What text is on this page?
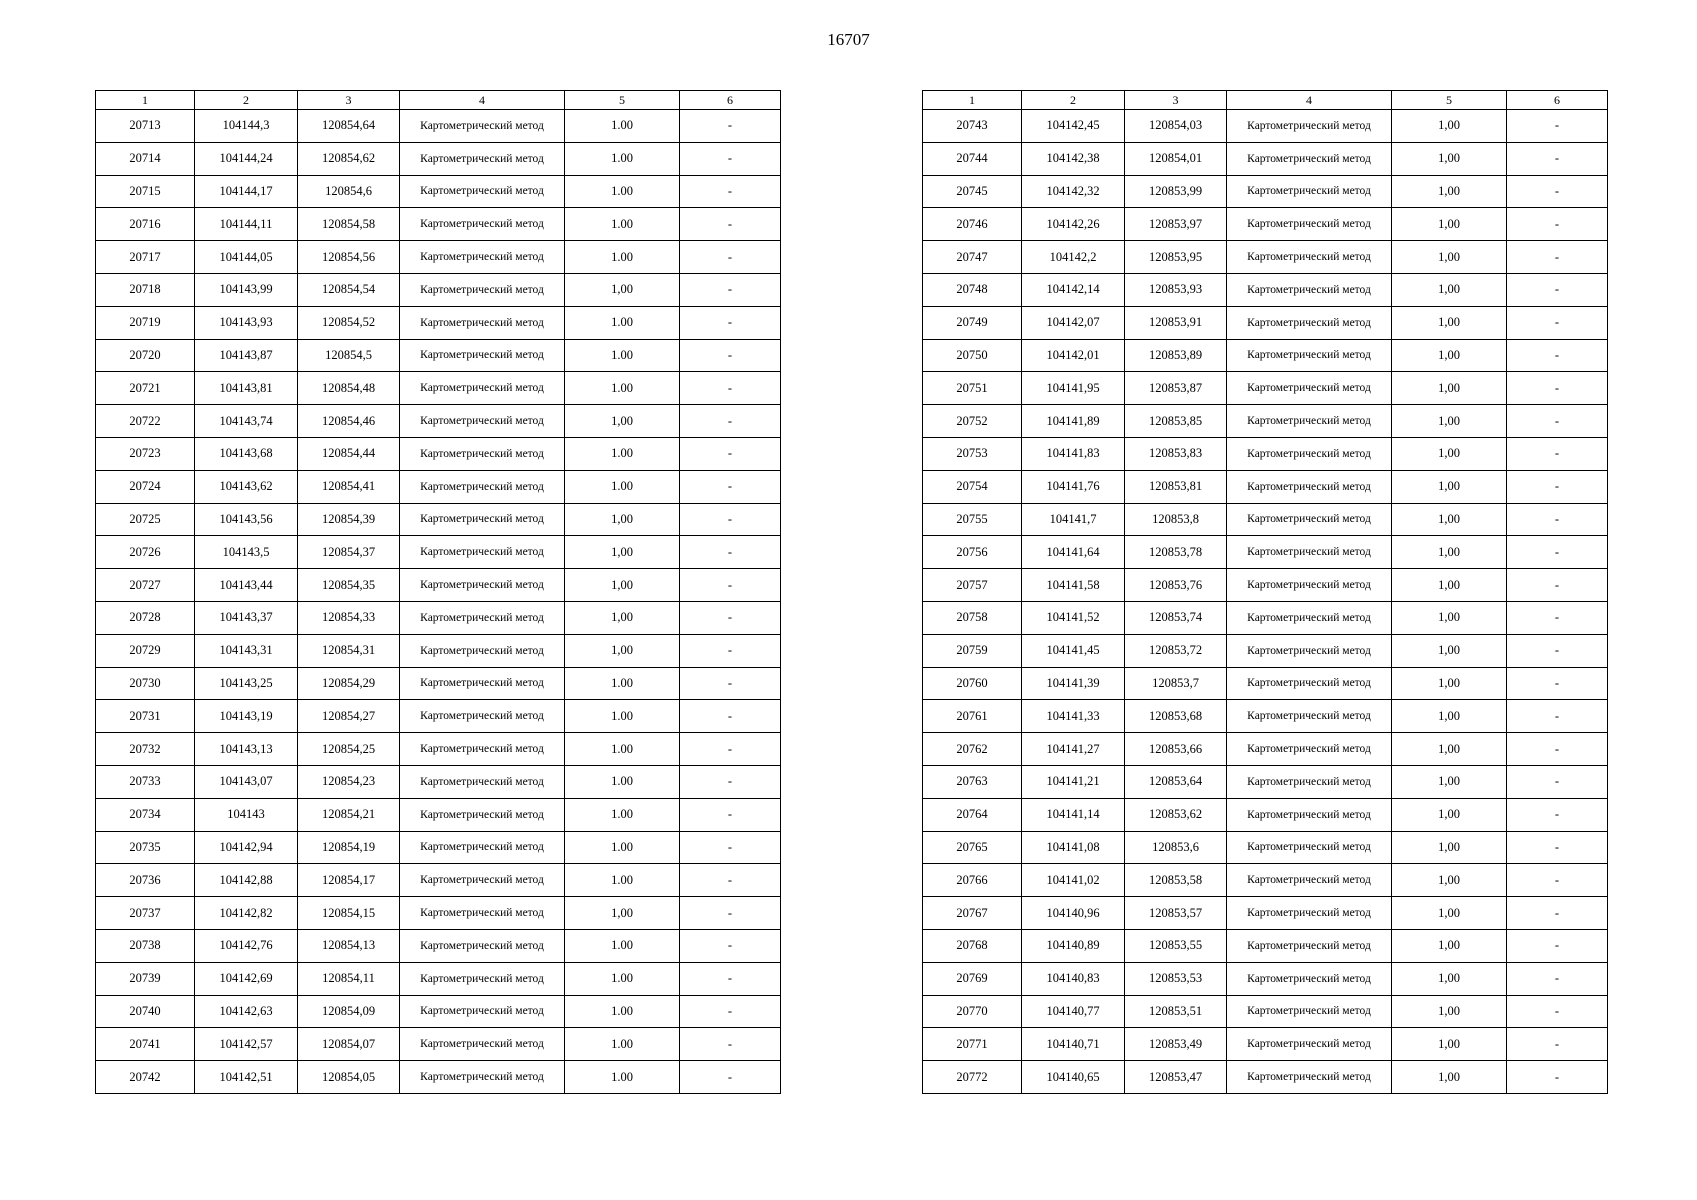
16707
1	2	3	4	5	6
20713	104144,3	120854,64	Картометрический метод	1.00	-
20714	104144,24	120854,62	Картометрический метод	1.00	-
20715	104144,17	120854,6	Картометрический метод	1.00	-
20716	104144,11	120854,58	Картометрический метод	1.00	-
20717	104144,05	120854,56	Картометрический метод	1.00	-
20718	104143,99	120854,54	Картометрический метод	1,00	-
20719	104143,93	120854,52	Картометрический метод	1.00	-
20720	104143,87	120854,5	Картометрический метод	1.00	-
20721	104143,81	120854,48	Картометрический метод	1.00	-
20722	104143,74	120854,46	Картометрический метод	1,00	-
20723	104143,68	120854,44	Картометрический метод	1.00	-
20724	104143,62	120854,41	Картометрический метод	1.00	-
20725	104143,56	120854,39	Картометрический метод	1,00	-
20726	104143,5	120854,37	Картометрический метод	1,00	-
20727	104143,44	120854,35	Картометрический метод	1,00	-
20728	104143,37	120854,33	Картометрический метод	1,00	-
20729	104143,31	120854,31	Картометрический метод	1,00	-
20730	104143,25	120854,29	Картометрический метод	1.00	-
20731	104143,19	120854,27	Картометрический метод	1.00	-
20732	104143,13	120854,25	Картометрический метод	1.00	-
20733	104143,07	120854,23	Картометрический метод	1.00	-
20734	104143	120854,21	Картометрический метод	1.00	-
20735	104142,94	120854,19	Картометрический метод	1.00	-
20736	104142,88	120854,17	Картометрический метод	1.00	-
20737	104142,82	120854,15	Картометрический метод	1,00	-
20738	104142,76	120854,13	Картометрический метод	1.00	-
20739	104142,69	120854,11	Картометрический метод	1.00	-
20740	104142,63	120854,09	Картометрический метод	1.00	-
20741	104142,57	120854,07	Картометрический метод	1.00	-
20742	104142,51	120854,05	Картометрический метод	1.00	-
1	2	3	4	5	6
20743	104142,45	120854,03	Картометрический метод	1,00	-
20744	104142,38	120854,01	Картометрический метод	1,00	-
20745	104142,32	120853,99	Картометрический метод	1,00	-
20746	104142,26	120853,97	Картометрический метод	1,00	-
20747	104142,2	120853,95	Картометрический метод	1,00	-
20748	104142,14	120853,93	Картометрический метод	1,00	-
20749	104142,07	120853,91	Картометрический метод	1,00	-
20750	104142,01	120853,89	Картометрический метод	1,00	-
20751	104141,95	120853,87	Картометрический метод	1,00	-
20752	104141,89	120853,85	Картометрический метод	1,00	-
20753	104141,83	120853,83	Картометрический метод	1,00	-
20754	104141,76	120853,81	Картометрический метод	1,00	-
20755	104141,7	120853,8	Картометрический метод	1,00	-
20756	104141,64	120853,78	Картометрический метод	1,00	-
20757	104141,58	120853,76	Картометрический метод	1,00	-
20758	104141,52	120853,74	Картометрический метод	1,00	-
20759	104141,45	120853,72	Картометрический метод	1,00	-
20760	104141,39	120853,7	Картометрический метод	1,00	-
20761	104141,33	120853,68	Картометрический метод	1,00	-
20762	104141,27	120853,66	Картометрический метод	1,00	-
20763	104141,21	120853,64	Картометрический метод	1,00	-
20764	104141,14	120853,62	Картометрический метод	1,00	-
20765	104141,08	120853,6	Картометрический метод	1,00	-
20766	104141,02	120853,58	Картометрический метод	1,00	-
20767	104140,96	120853,57	Картометрический метод	1,00	-
20768	104140,89	120853,55	Картометрический метод	1,00	-
20769	104140,83	120853,53	Картометрический метод	1,00	-
20770	104140,77	120853,51	Картометрический метод	1,00	-
20771	104140,71	120853,49	Картометрический метод	1,00	-
20772	104140,65	120853,47	Картометрический метод	1,00	-
